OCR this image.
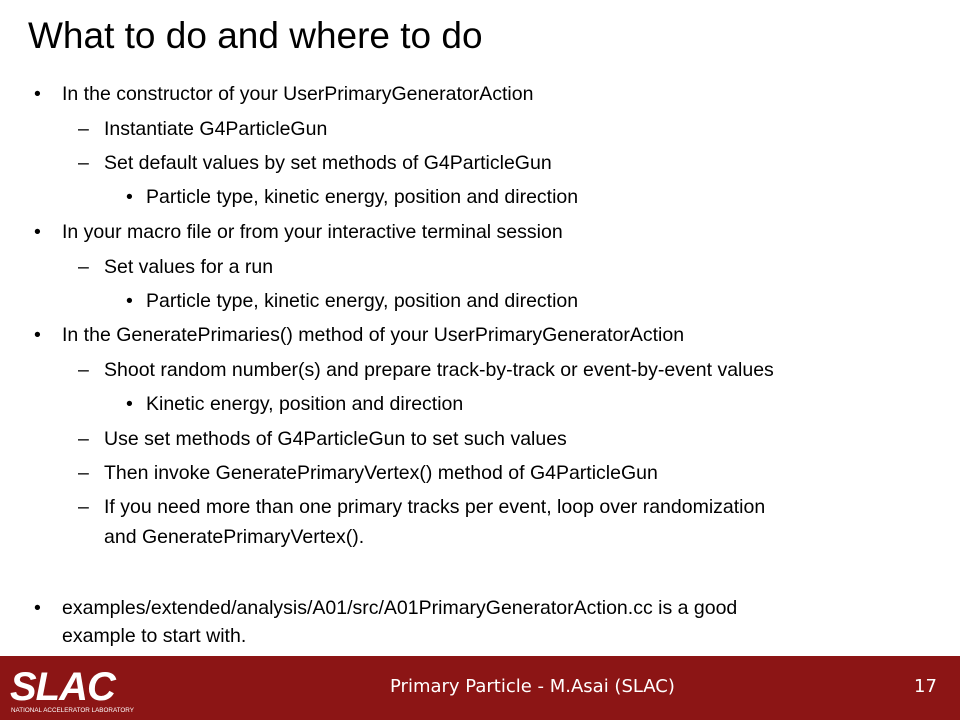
What to do and where to do
• In the constructor of your UserPrimaryGeneratorAction
– Instantiate G4ParticleGun
– Set default values by set methods of G4ParticleGun
• Particle type, kinetic energy, position and direction
• In your macro file or from your interactive terminal session
– Set values for a run
• Particle type, kinetic energy, position and direction
• In the GeneratePrimaries() method of your UserPrimaryGeneratorAction
– Shoot random number(s) and prepare track-by-track or event-by-event values
• Kinetic energy, position and direction
– Use set methods of G4ParticleGun to set such values
– Then invoke GeneratePrimaryVertex() method of G4ParticleGun
– If you need more than one primary tracks per event, loop over randomization
and GeneratePrimaryVertex().
• examples/extended/analysis/A01/src/A01PrimaryGeneratorAction.cc is a good
example to start with.
SLAC
NATIONAL ACCELERATOR LABORATORY
Primary Particle - M.Asai (SLAC)	17
